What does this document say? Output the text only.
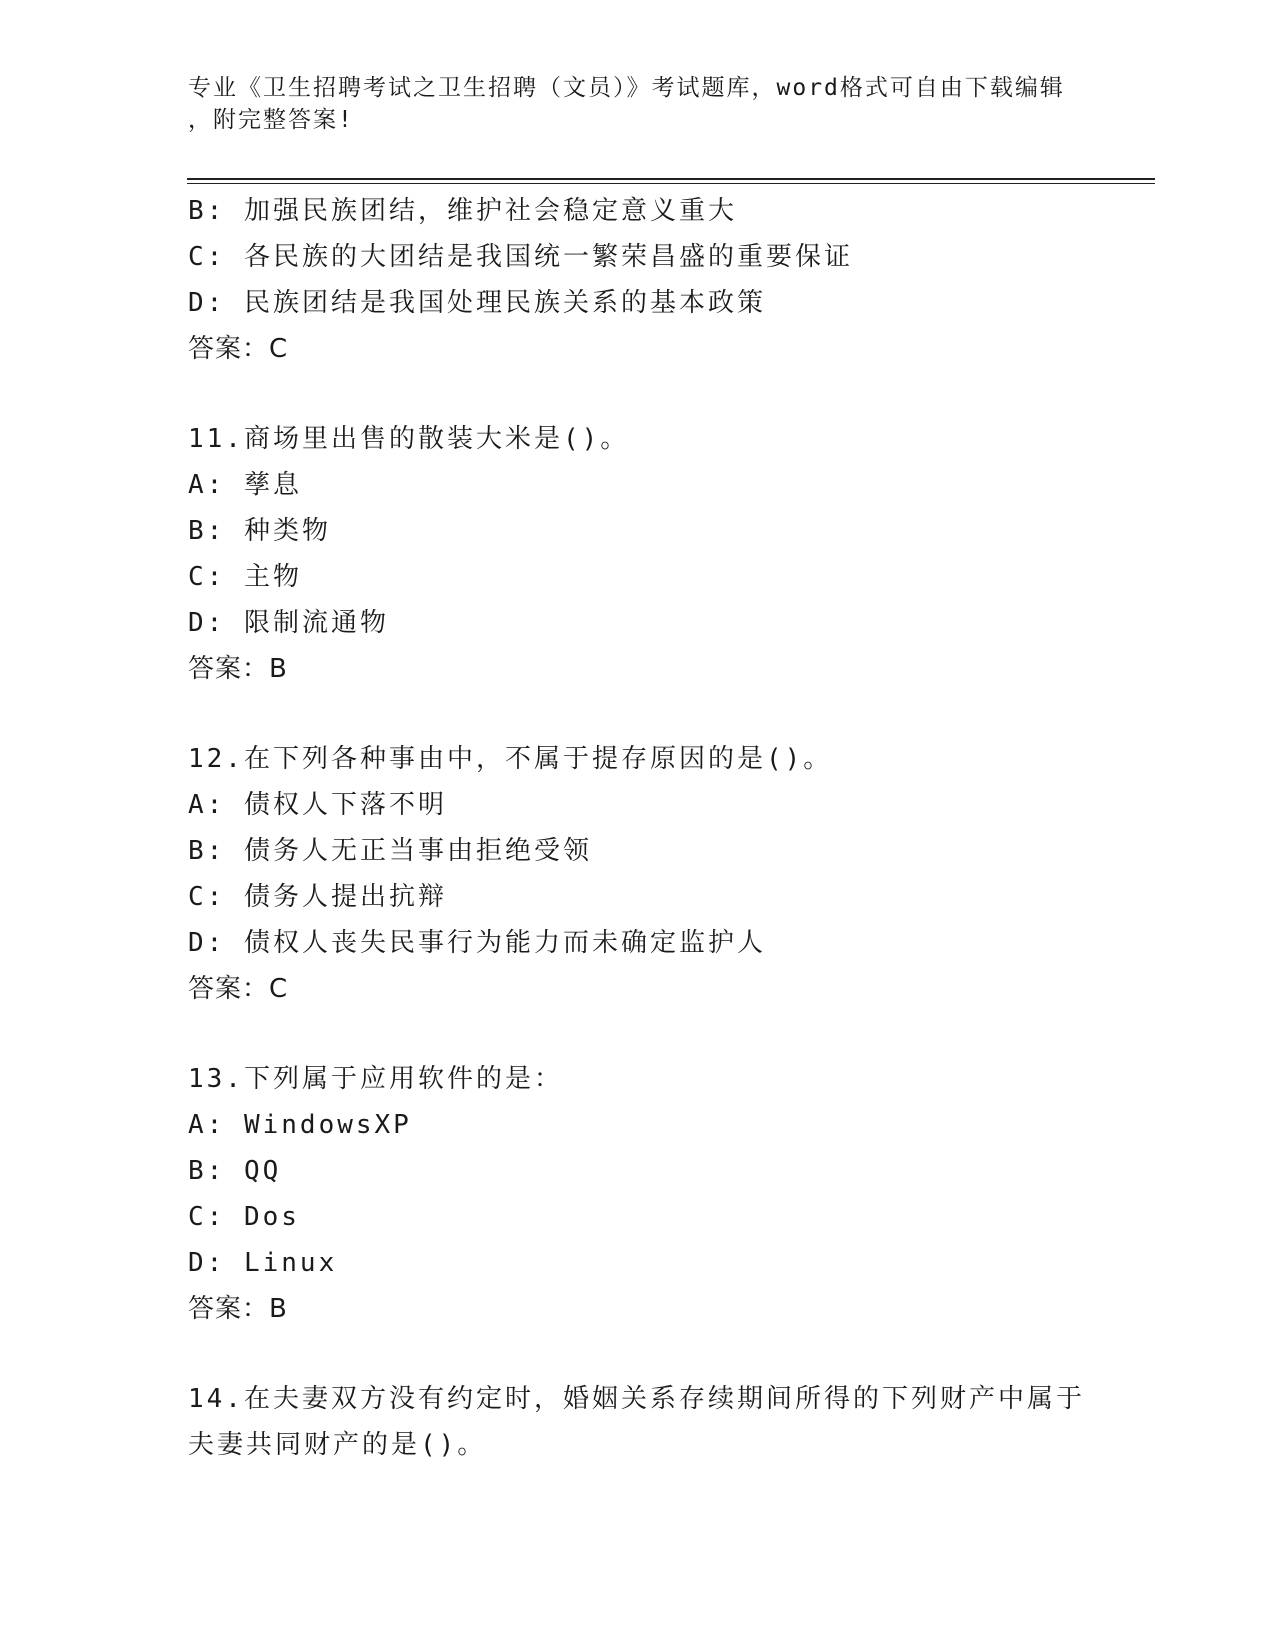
专业《卫生招聘考试之卫生招聘（文员）》考试题库，word格式可自由下载编辑
，附完整答案!
B: 加强民族团结，维护社会稳定意义重大
C: 各民族的大团结是我国统一繁荣昌盛的重要保证
D: 民族团结是我国处理民族关系的基本政策
答案：C
11.商场里出售的散装大米是()。
A: 孳息
B: 种类物
C: 主物
D: 限制流通物
答案：B
12.在下列各种事由中，不属于提存原因的是()。
A: 债权人下落不明
B: 债务人无正当事由拒绝受领
C: 债务人提出抗辩
D: 债权人丧失民事行为能力而未确定监护人
答案：C
13.下列属于应用软件的是：
A: WindowsXP
B: QQ
C: Dos
D: Linux
答案：B
14.在夫妻双方没有约定时，婚姻关系存续期间所得的下列财产中属于
夫妻共同财产的是()。
